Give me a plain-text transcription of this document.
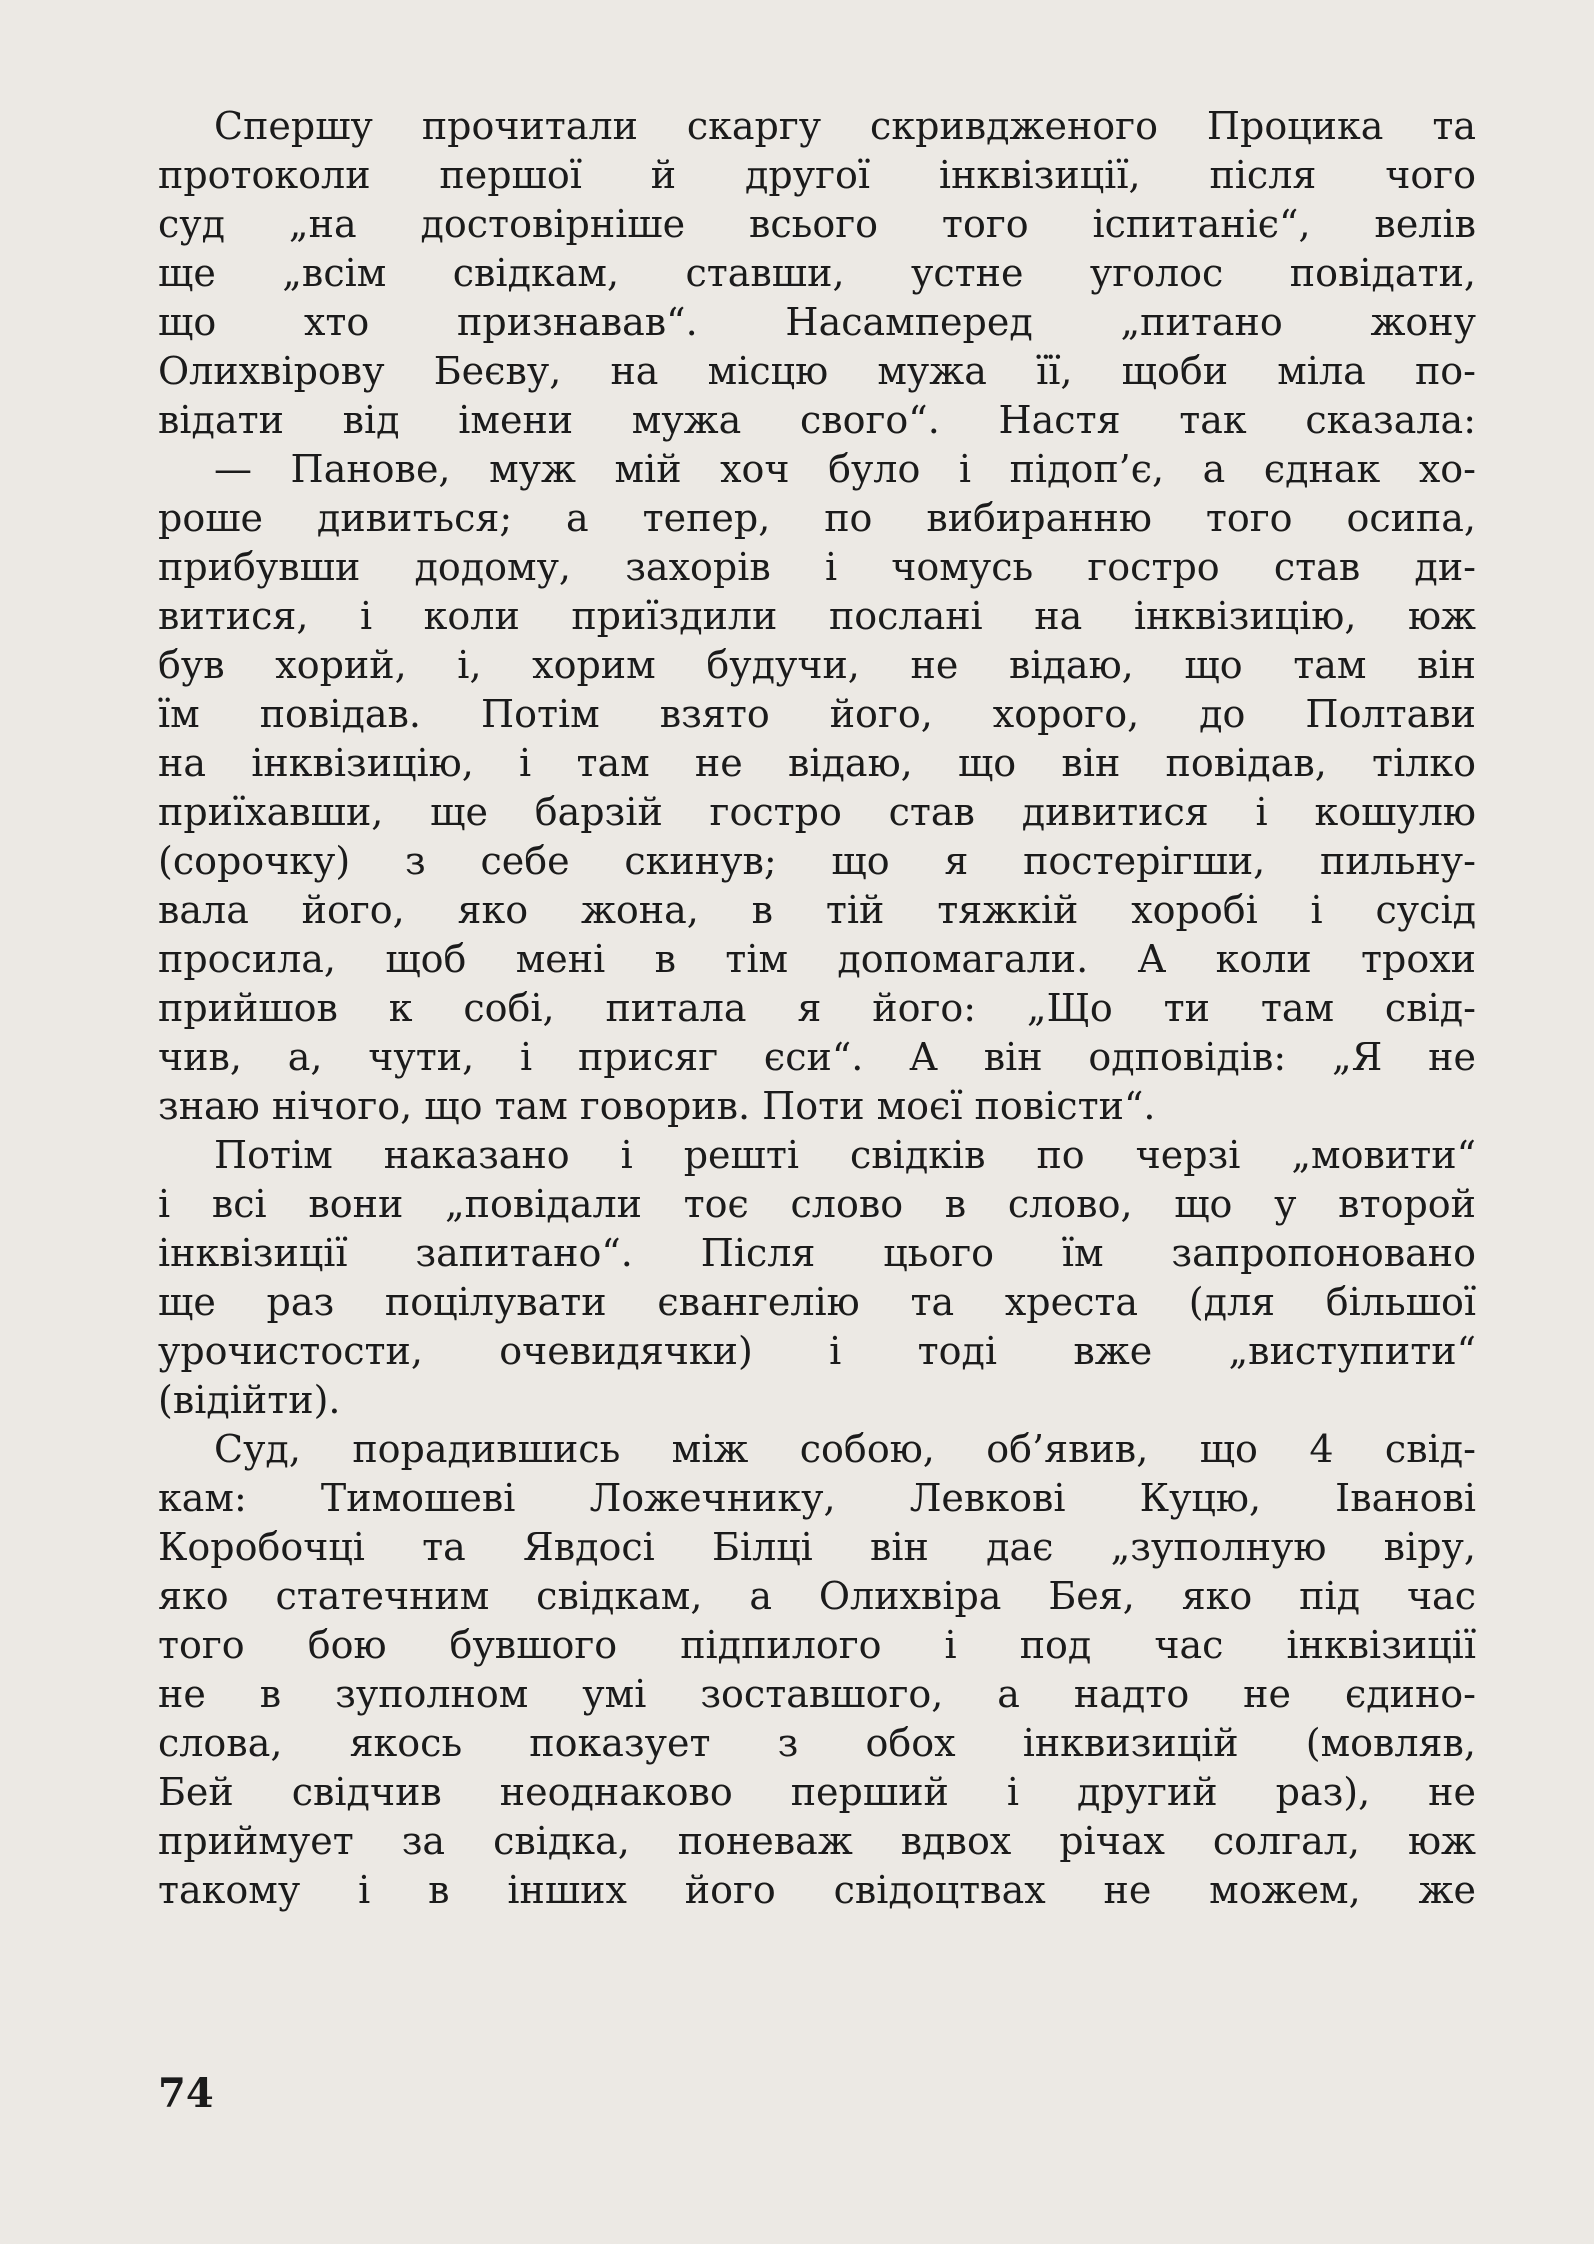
Спершу прочитали скаргу скривдженого Процика та
протоколи першої й другої інквізиції, після чого
суд „на достовірніше всього того іспитаніє“, велів
ще „всім свідкам, ставши, устне уголос повідати,
що хто признавав“. Насамперед „питано жону
Олихвірову Беєву, на місцю мужа її, щоби міла по-
відати від імени мужа свого“. Настя так сказала:
— Панове, муж мій хоч було і підоп’є, а єднак хо-
роше дивиться; а тепер, по вибиранню того осипа,
прибувши додому, захорів і чомусь гостро став ди-
витися, і коли приїздили послані на інквізицію, юж
був хорий, і, хорим будучи, не відаю, що там він
їм повідав. Потім взято його, хорого, до Полтави
на інквізицію, і там не відаю, що він повідав, тілко
приїхавши, ще барзій гостро став дивитися і кошулю
(сорочку) з себе скинув; що я постерігши, пильну-
вала його, яко жона, в тій тяжкій хоробі і сусід
просила, щоб мені в тім допомагали. А коли трохи
прийшов к собі, питала я його: „Що ти там свід-
чив, а, чути, і присяг єси“. А він одповідів: „Я не
знаю нічого, що там говорив. Поти моєї повісти“.
Потім наказано і решті свідків по черзі „мовити“
і всі вони „повідали тоє слово в слово, що у второй
інквізиції запитано“. Після цього їм запропоновано
ще раз поцілувати євангелію та хреста (для більшої
урочистости, очевидячки) і тоді вже „виступити“
(відійти).
Суд, порадившись між собою, об’явив, що 4 свід-
кам: Тимошеві Ложечнику, Левкові Куцю, Іванові
Коробочці та Явдосі Білці він дає „зуполную віру,
яко статечним свідкам, а Олихвіра Бея, яко під час
того бою бувшого підпилого і под час інквізиції
не в зуполном умі зоставшого, а надто не єдино-
слова, якось показует з обох інквизицій (мовляв,
Бей свідчив неоднаково перший і другий раз), не
приймует за свідка, поневаж вдвох річах солгал, юж
такому і в інших його свідоцтвах не можем, же
74
